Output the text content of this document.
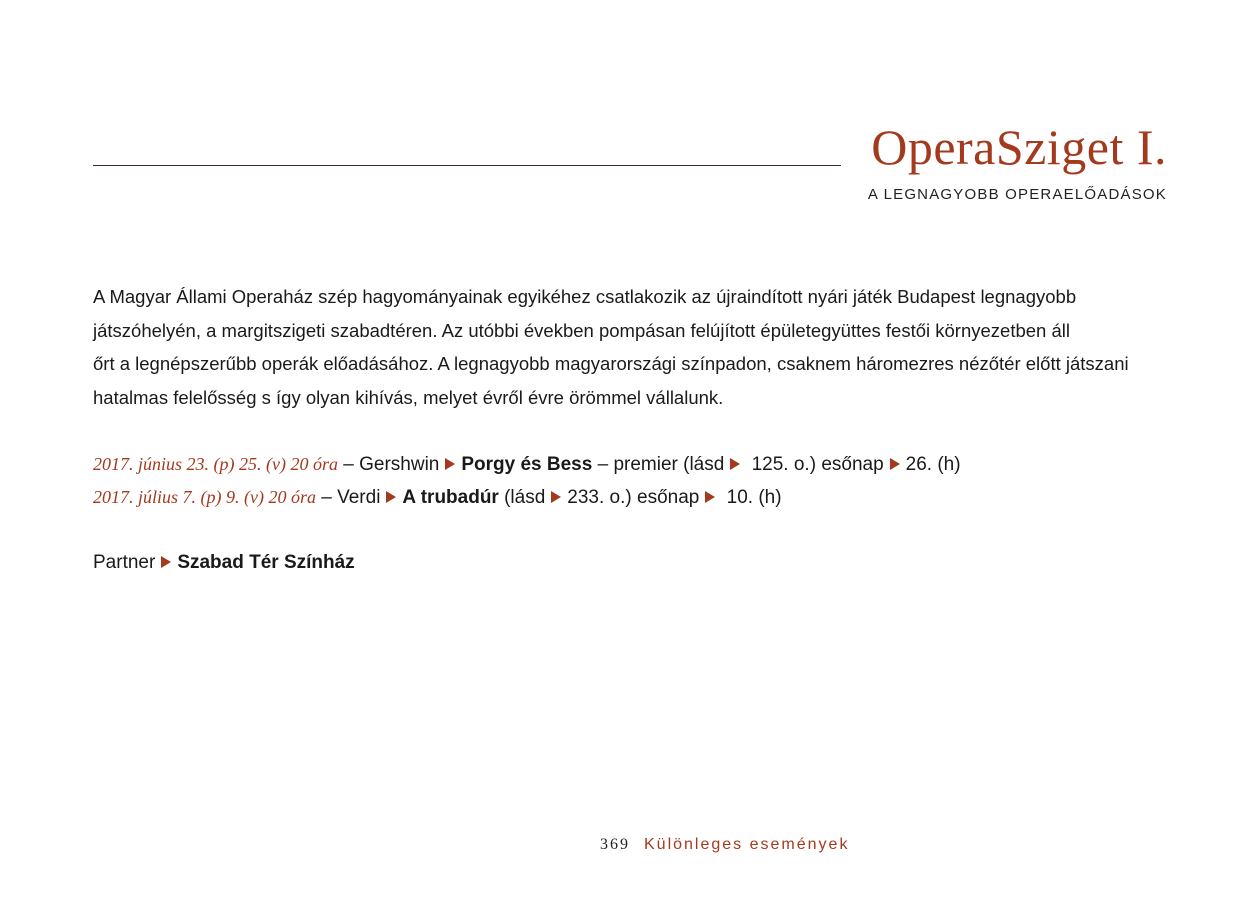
OperaSziget I.
A LEGNAGYOBB OPERAELŐADÁSOK
A Magyar Állami Operaház szép hagyományainak egyikéhez csatlakozik az újraindított nyári játék Budapest legnagyobb
játszóhelyén, a margitszigeti szabadtéren. Az utóbbi években pompásan felújított épületegyüttes festői környezetben áll
őrt a legnépszerűbb operák előadásához. A legnagyobb magyarországi színpadon, csaknem háromezres nézőtér előtt játszani
hatalmas felelősség s így olyan kihívás, melyet évről évre örömmel vállalunk.
2017. június 23. (p) 25. (v) 20 óra – Gershwin Porgy és Bess – premier (lásd 125. o.) esőnap 26. (h)
2017. július 7. (p) 9. (v) 20 óra – Verdi A trubadúr (lásd 233. o.) esőnap 10. (h)
Partner Szabad Tér Színház
369 Különleges események
